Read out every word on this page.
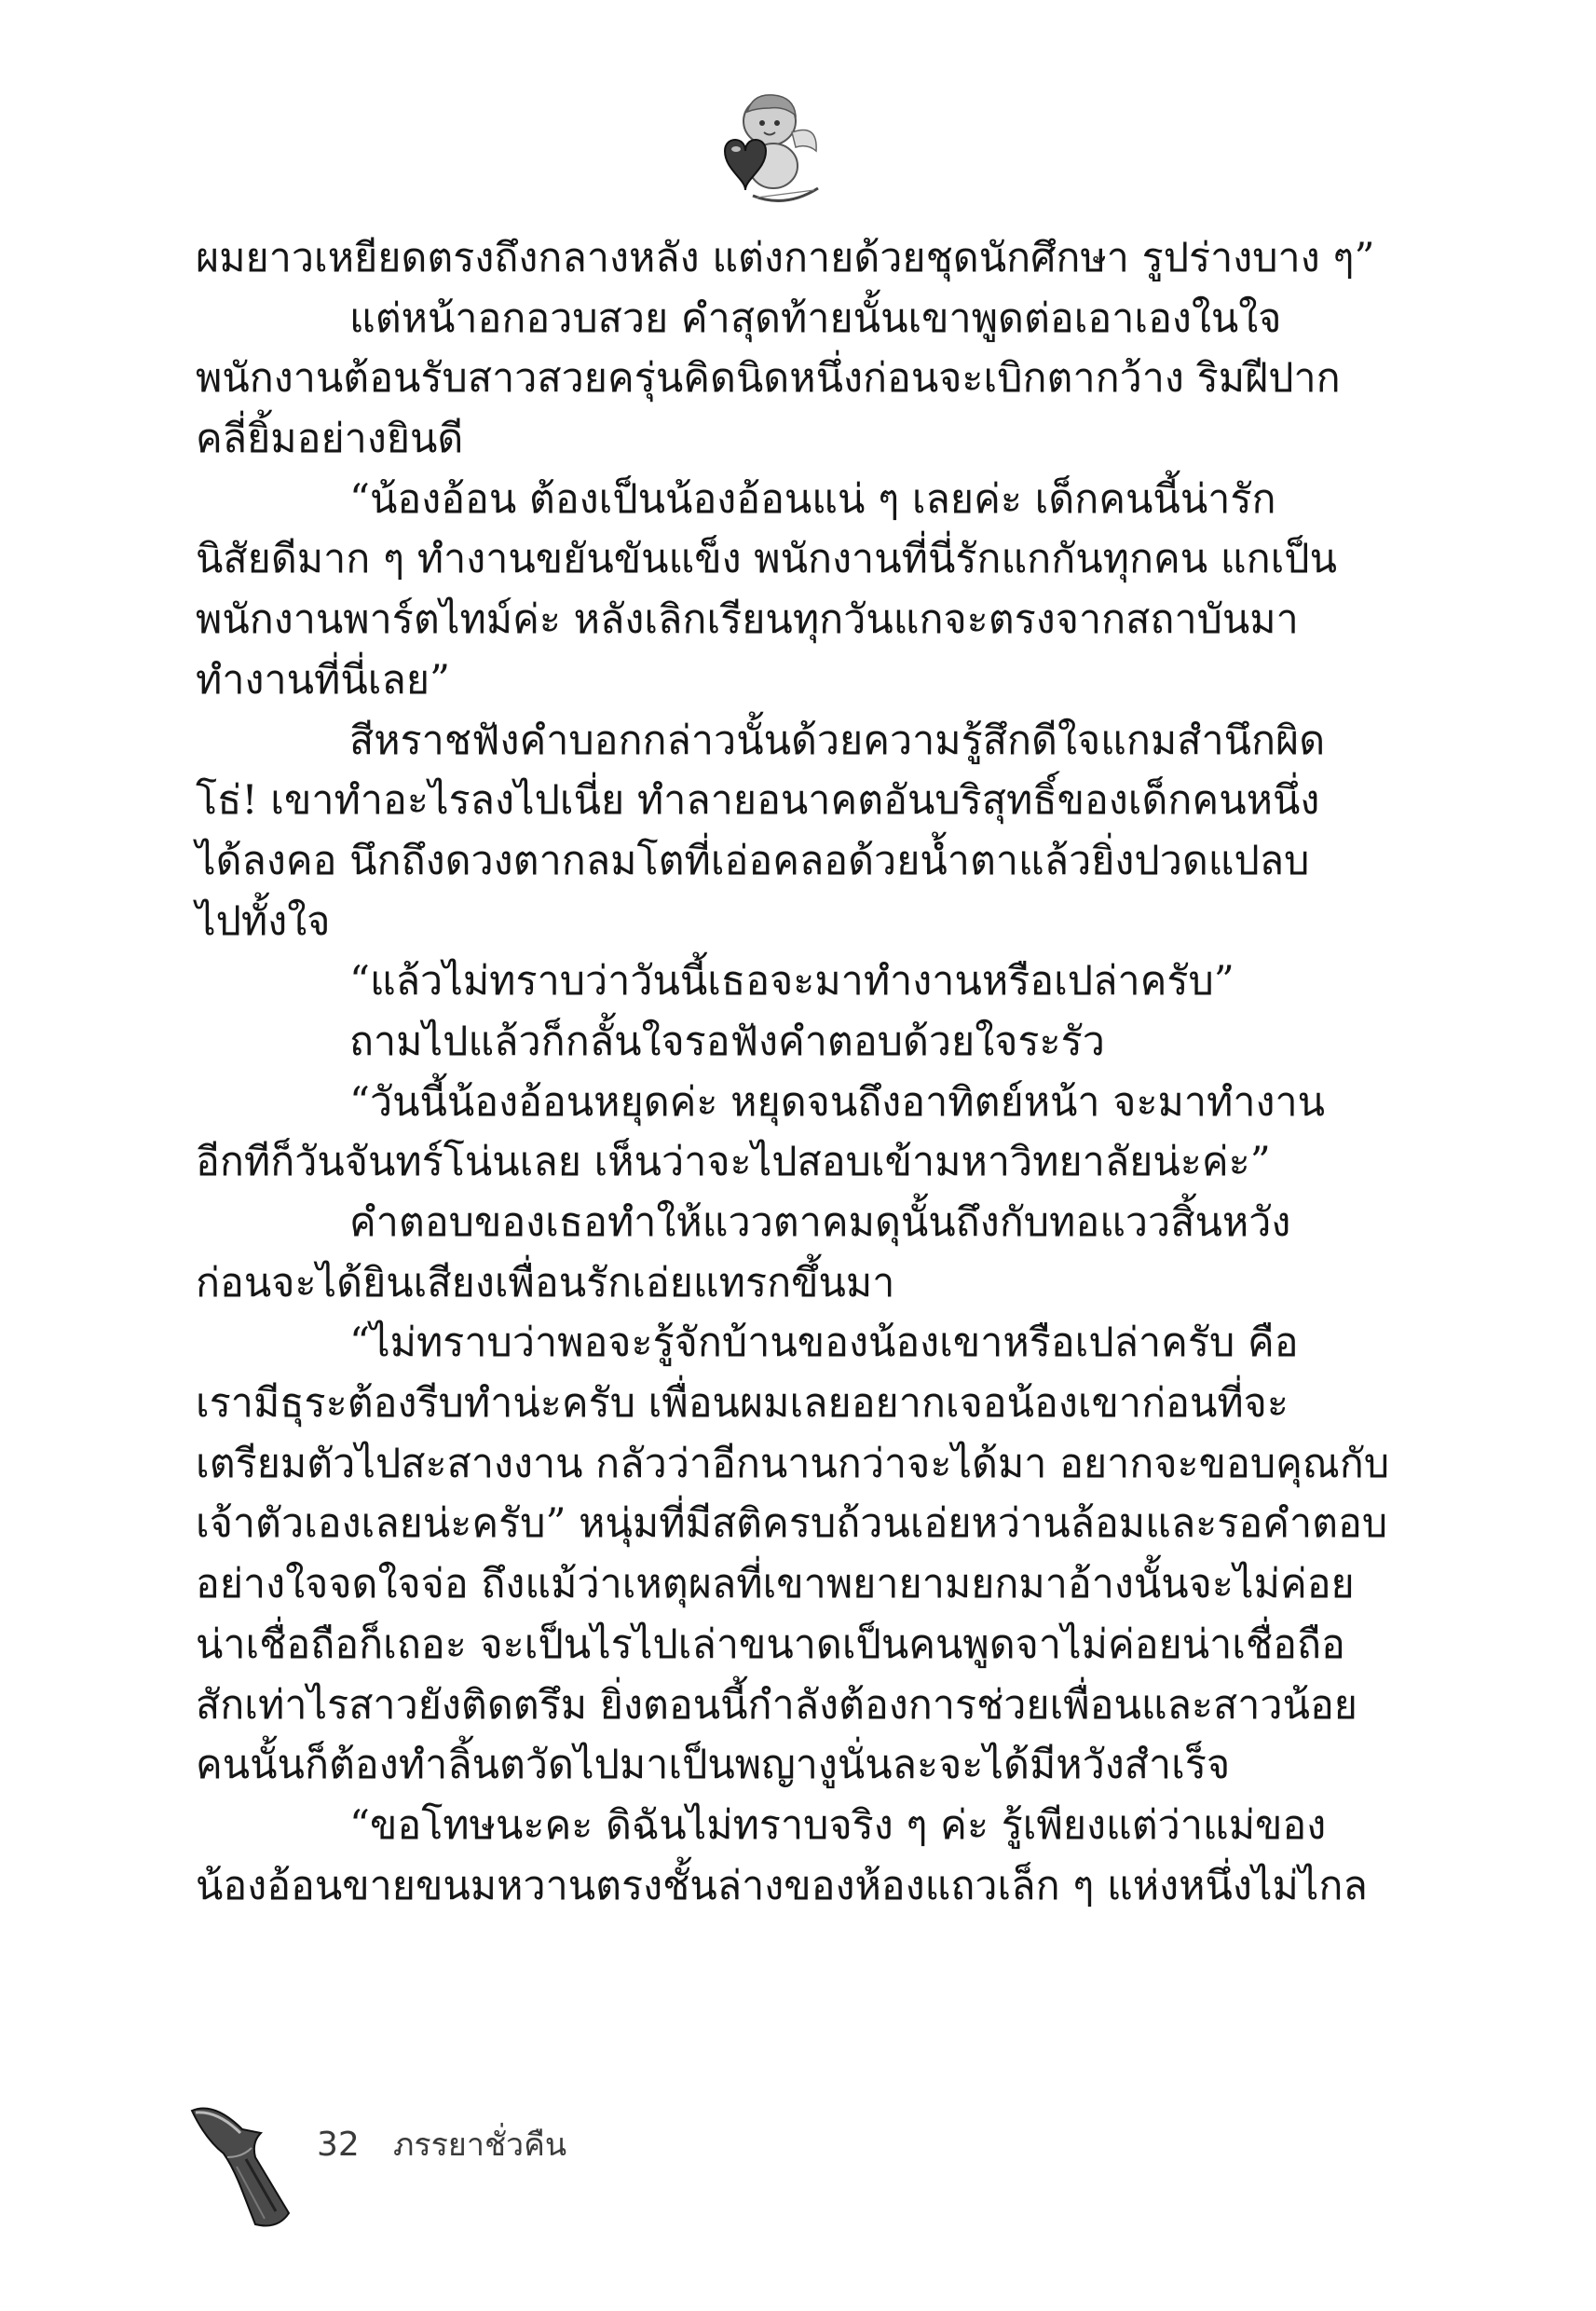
ผมยาวเหยียดตรงถึงกลางหลัง แต่งกายด้วยชุดนักศึกษา รูปร่างบาง ๆ”
แต่หน้าอกอวบสวย คำสุดท้ายนั้นเขาพูดต่อเอาเองในใจ
พนักงานต้อนรับสาวสวยครุ่นคิดนิดหนึ่งก่อนจะเบิกตากว้าง ริมฝีปาก
คลี่ยิ้มอย่างยินดี
“น้องอ้อน ต้องเป็นน้องอ้อนแน่ ๆ เลยค่ะ เด็กคนนี้น่ารัก
นิสัยดีมาก ๆ ทำงานขยันขันแข็ง พนักงานที่นี่รักแกกันทุกคน แกเป็น
พนักงานพาร์ตไทม์ค่ะ หลังเลิกเรียนทุกวันแกจะตรงจากสถาบันมา
ทำงานที่นี่เลย”
สีหราชฟังคำบอกกล่าวนั้นด้วยความรู้สึกดีใจแกมสำนึกผิด
โธ่! เขาทำอะไรลงไปเนี่ย ทำลายอนาคตอันบริสุทธิ์ของเด็กคนหนึ่ง
ได้ลงคอ นึกถึงดวงตากลมโตที่เอ่อคลอด้วยน้ำตาแล้วยิ่งปวดแปลบ
ไปทั้งใจ
“แล้วไม่ทราบว่าวันนี้เธอจะมาทำงานหรือเปล่าครับ”
ถามไปแล้วก็กลั้นใจรอฟังคำตอบด้วยใจระรัว
“วันนี้น้องอ้อนหยุดค่ะ หยุดจนถึงอาทิตย์หน้า จะมาทำงาน
อีกทีก็วันจันทร์โน่นเลย เห็นว่าจะไปสอบเข้ามหาวิทยาลัยน่ะค่ะ”
คำตอบของเธอทำให้แววตาคมดุนั้นถึงกับทอแววสิ้นหวัง
ก่อนจะได้ยินเสียงเพื่อนรักเอ่ยแทรกขึ้นมา
“ไม่ทราบว่าพอจะรู้จักบ้านของน้องเขาหรือเปล่าครับ คือ
เรามีธุระต้องรีบทำน่ะครับ เพื่อนผมเลยอยากเจอน้องเขาก่อนที่จะ
เตรียมตัวไปสะสางงาน กลัวว่าอีกนานกว่าจะได้มา อยากจะขอบคุณกับ
เจ้าตัวเองเลยน่ะครับ” หนุ่มที่มีสติครบถ้วนเอ่ยหว่านล้อมและรอคำตอบ
อย่างใจจดใจจ่อ ถึงแม้ว่าเหตุผลที่เขาพยายามยกมาอ้างนั้นจะไม่ค่อย
น่าเชื่อถือก็เถอะ จะเป็นไรไปเล่าขนาดเป็นคนพูดจาไม่ค่อยน่าเชื่อถือ
สักเท่าไรสาวยังติดตรึม ยิ่งตอนนี้กำลังต้องการช่วยเพื่อนและสาวน้อย
คนนั้นก็ต้องทำลิ้นตวัดไปมาเป็นพญางูนั่นละจะได้มีหวังสำเร็จ
“ขอโทษนะคะ ดิฉันไม่ทราบจริง ๆ ค่ะ รู้เพียงแต่ว่าแม่ของ
น้องอ้อนขายขนมหวานตรงชั้นล่างของห้องแถวเล็ก ๆ แห่งหนึ่งไม่ไกล
32 ภรรยาชั่วคืน
